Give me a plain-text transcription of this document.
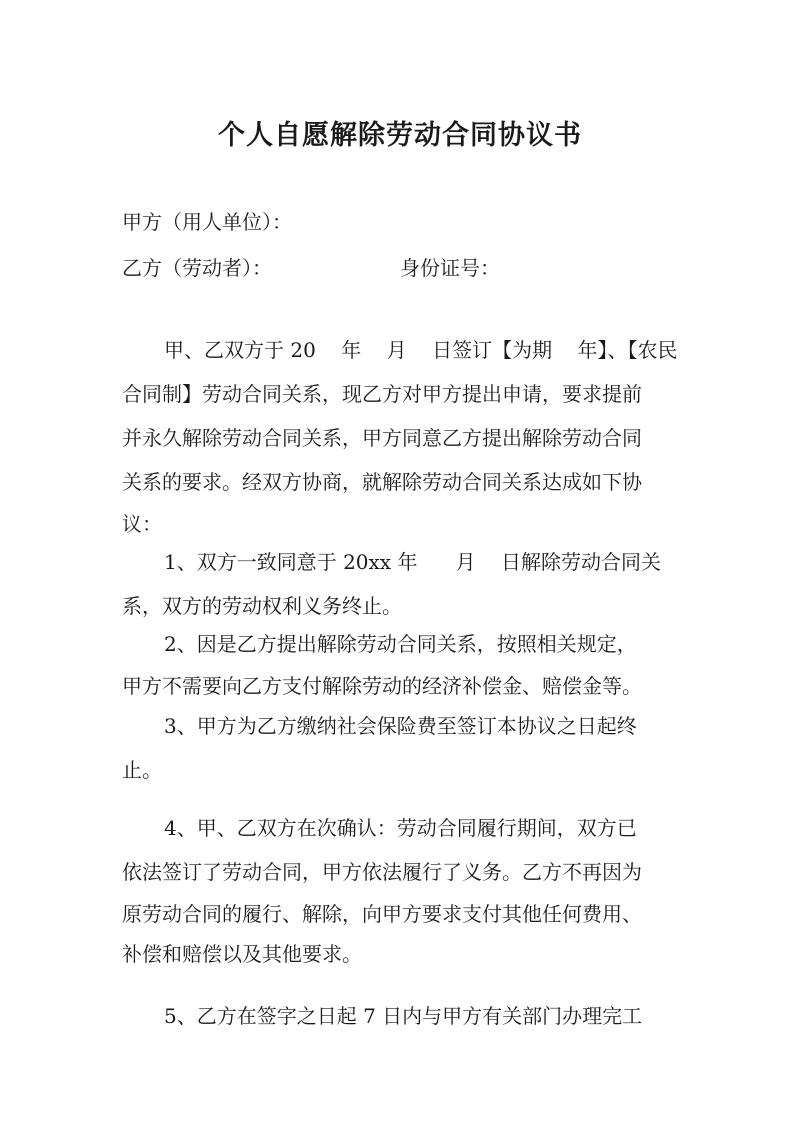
个人自愿解除劳动合同协议书
甲方（用人单位）：
乙方（劳动者）：	身份证号：
甲、乙双方于 20    年    月    日签订【为期    年】、【农民
合同制】劳动合同关系，现乙方对甲方提出申请，要求提前
并永久解除劳动合同关系，甲方同意乙方提出解除劳动合同
关系的要求。经双方协商，就解除劳动合同关系达成如下协
议：
1、双方一致同意于 20xx 年      月    日解除劳动合同关
系，双方的劳动权利义务终止。
2、因是乙方提出解除劳动合同关系，按照相关规定，
甲方不需要向乙方支付解除劳动的经济补偿金、赔偿金等。
3、甲方为乙方缴纳社会保险费至签订本协议之日起终
止。
4、甲、乙双方在次确认：劳动合同履行期间，双方已
依法签订了劳动合同，甲方依法履行了义务。乙方不再因为
原劳动合同的履行、解除，向甲方要求支付其他任何费用、
补偿和赔偿以及其他要求。
5、乙方在签字之日起 7 日内与甲方有关部门办理完工
